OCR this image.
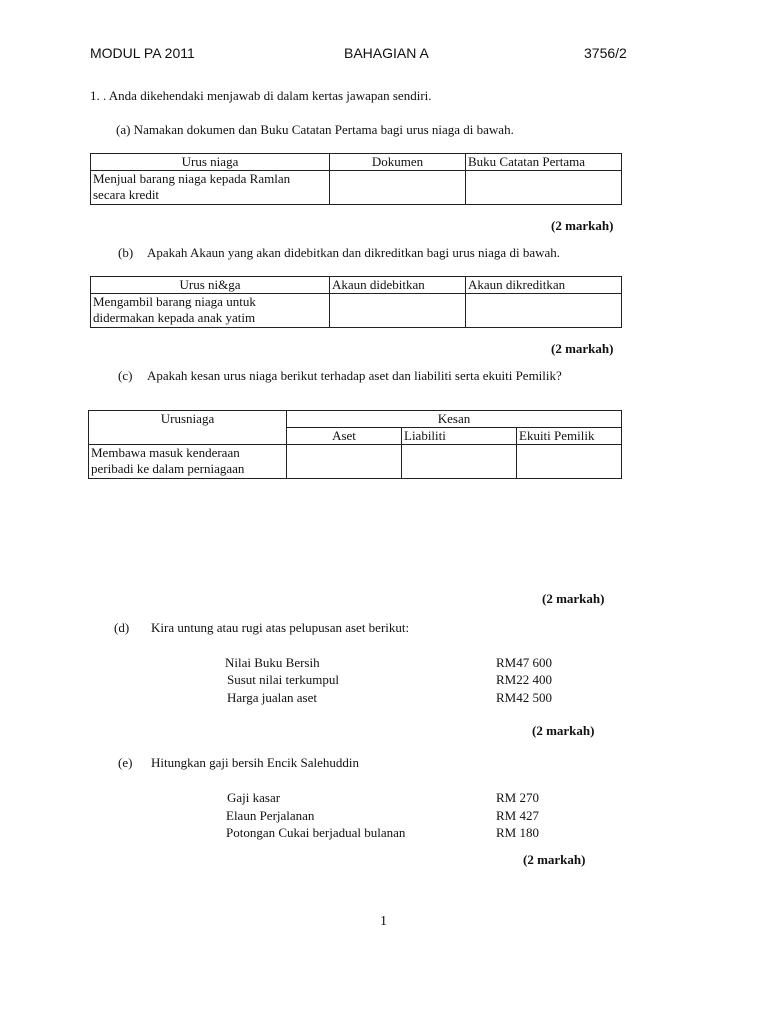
MODUL PA 2011	BAHAGIAN A	3756/2
1. . Anda dikehendaki menjawab di dalam kertas jawapan sendiri.
(a) Namakan dokumen dan Buku Catatan Pertama bagi urus niaga di bawah.
Urus niaga	Dokumen	Buku Catatan Pertama

Menjual barang niaga kepada Ramlan
secara kredit		

(2 markah)
(b) Apakah Akaun yang akan didebitkan dan dikreditkan bagi urus niaga di bawah.
Urus ni&ga	Akaun didebitkan	Akaun dikreditkan

Mengambil barang niaga untuk
didermakan kepada anak yatim		

(2 markah)
(c) Apakah kesan urus niaga berikut terhadap aset dan liabiliti serta ekuiti Pemilik?
Urusniaga	Kesan		
	Aset	Liabiliti	Ekuiti Pemilik

Membawa masuk kenderaan
peribadi ke dalam perniagaan			

(2 markah)
(d) Kira untung atau rugi atas pelupusan aset berikut:
Nilai Buku Bersih	RM47 600
Susut nilai terkumpul	RM22 400
Harga jualan aset	RM42 500
(2 markah)
(e) Hitungkan gaji bersih Encik Salehuddin
Gaji kasar	RM 270
Elaun Perjalanan	RM 427
Potongan Cukai berjadual bulanan	RM 180
(2 markah)
1
